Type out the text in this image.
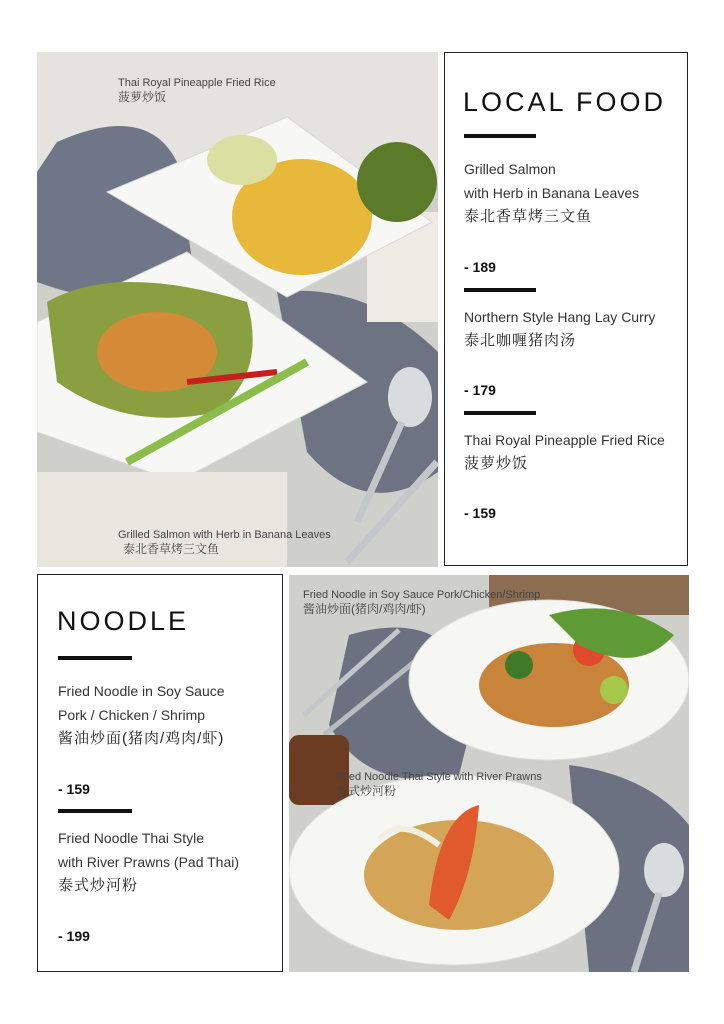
Thai Royal Pineapple Fried Rice
菠萝炒饭
Grilled Salmon with Herb in Banana Leaves
泰北香草烤三文鱼
LOCAL FOOD
Grilled Salmon
with Herb in Banana Leaves
泰北香草烤三文鱼
- 189
Northern Style Hang Lay Curry
泰北咖喱猪肉汤
- 179
Thai Royal Pineapple Fried Rice
菠萝炒饭
- 159
NOODLE
Fried Noodle in Soy Sauce
Pork / Chicken / Shrimp
酱油炒面(猪肉/鸡肉/虾)
- 159
Fried Noodle Thai Style
with River Prawns (Pad Thai)
泰式炒河粉
- 199
Fried Noodle in Soy Sauce Pork/Chicken/Shrimp
酱油炒面(猪肉/鸡肉/虾)
Fried Noodle Thai Style with River Prawns
泰式炒河粉
